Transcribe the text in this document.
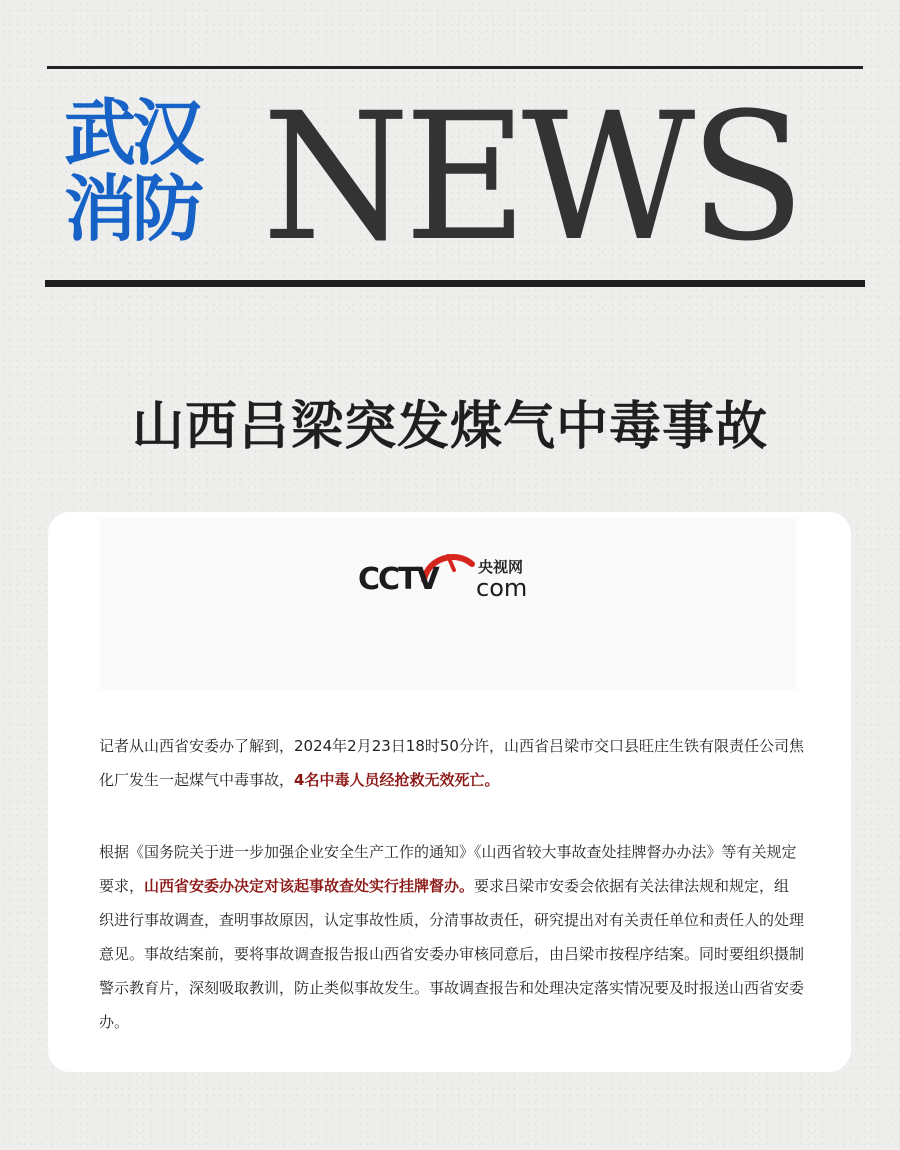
武汉
消防 NEWS
山西吕梁突发煤气中毒事故
CCTV	央视网
com
记者从山西省安委办了解到，2024年2月23日18时50分许，山西省吕梁市交口县旺庄生铁有限责任公司焦化厂发生一起煤气中毒事故，4名中毒人员经抢救无效死亡。
根据《国务院关于进一步加强企业安全生产工作的通知》《山西省较大事故查处挂牌督办办法》等有关规定要求，山西省安委办决定对该起事故查处实行挂牌督办。要求吕梁市安委会依据有关法律法规和规定，组织进行事故调查，查明事故原因，认定事故性质，分清事故责任，研究提出对有关责任单位和责任人的处理意见。事故结案前，要将事故调查报告报山西省安委办审核同意后，由吕梁市按程序结案。同时要组织摄制警示教育片，深刻吸取教训，防止类似事故发生。事故调查报告和处理决定落实情况要及时报送山西省安委办。
